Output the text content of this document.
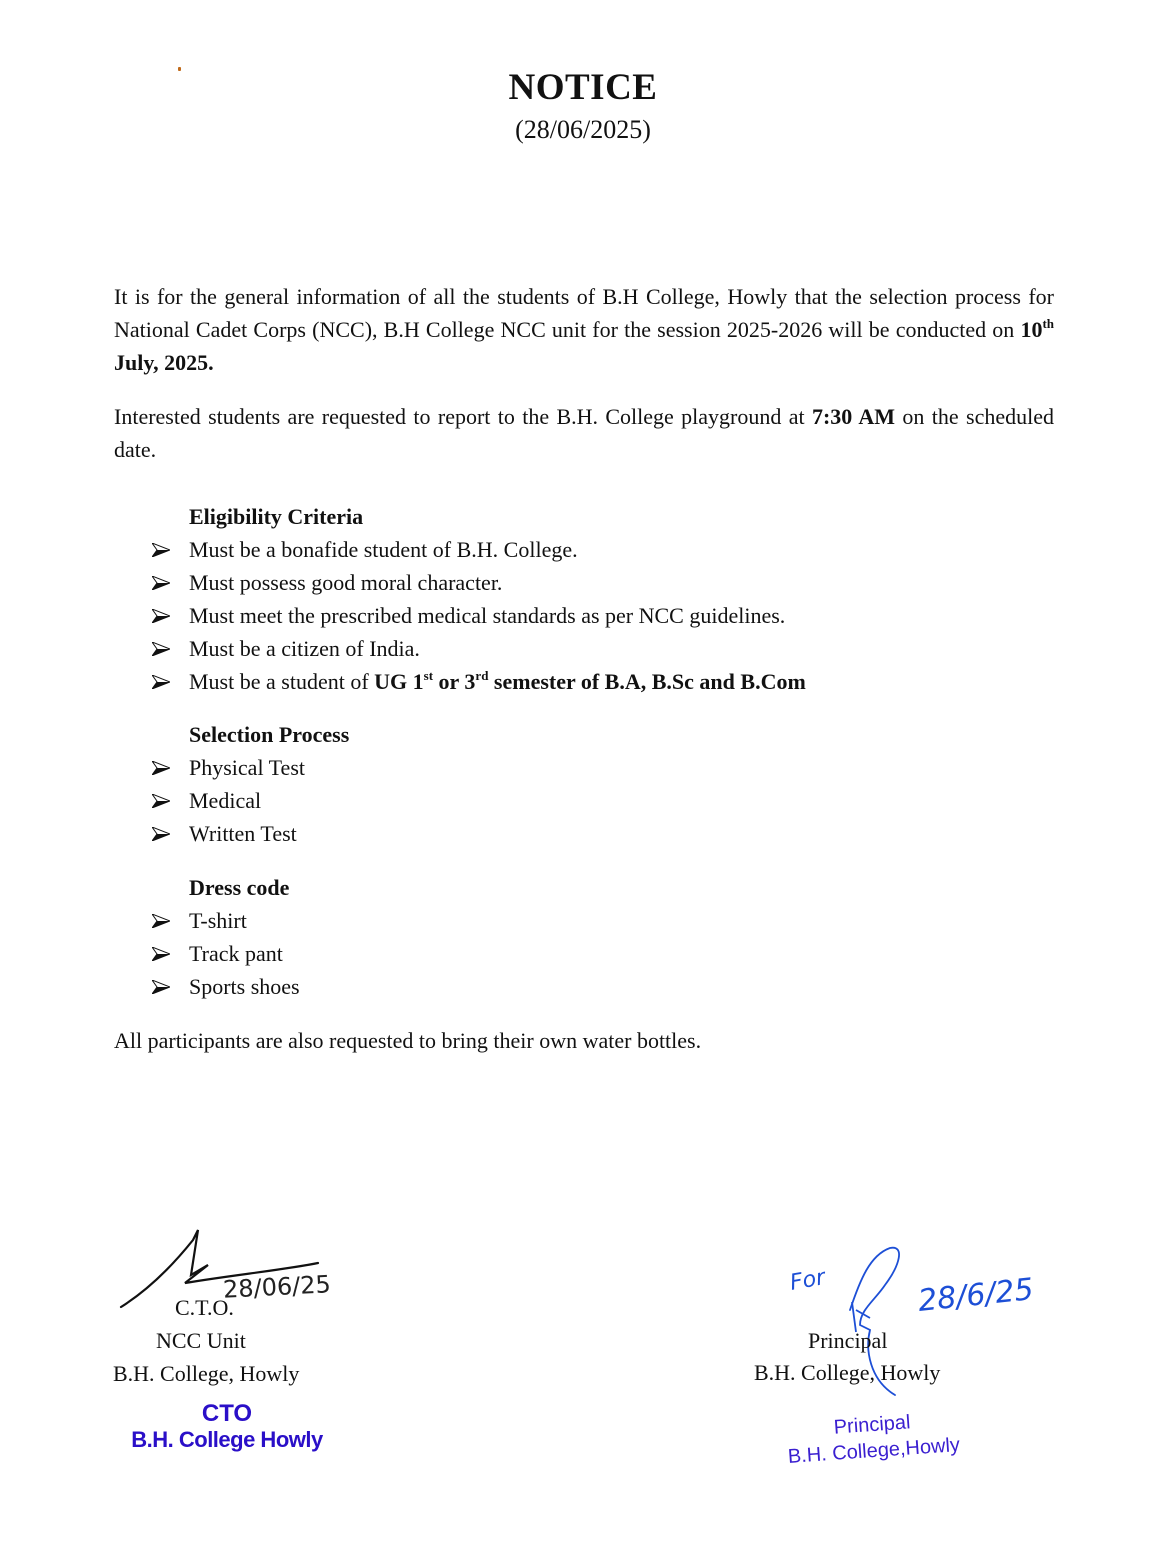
NOTICE
(28/06/2025)
It is for the general information of all the students of B.H College, Howly that the selection process for National Cadet Corps (NCC), B.H College NCC unit for the session 2025-2026 will be conducted on 10th July, 2025.
Interested students are requested to report to the B.H. College playground at 7:30 AM on the scheduled date.
Eligibility Criteria
Must be a bonafide student of B.H. College.
Must possess good moral character.
Must meet the prescribed medical standards as per NCC guidelines.
Must be a citizen of India.
Must be a student of UG 1st or 3rd semester of B.A, B.Sc and B.Com
Selection Process
Physical Test
Medical
Written Test
Dress code
T-shirt
Track pant
Sports shoes
All participants are also requested to bring their own water bottles.
28/06/25
C.T.O.
NCC Unit
B.H. College, Howly
CTO
B.H. College Howly
For	28/6/25
Principal
B.H. College, Howly
Principal
B.H. College,Howly
